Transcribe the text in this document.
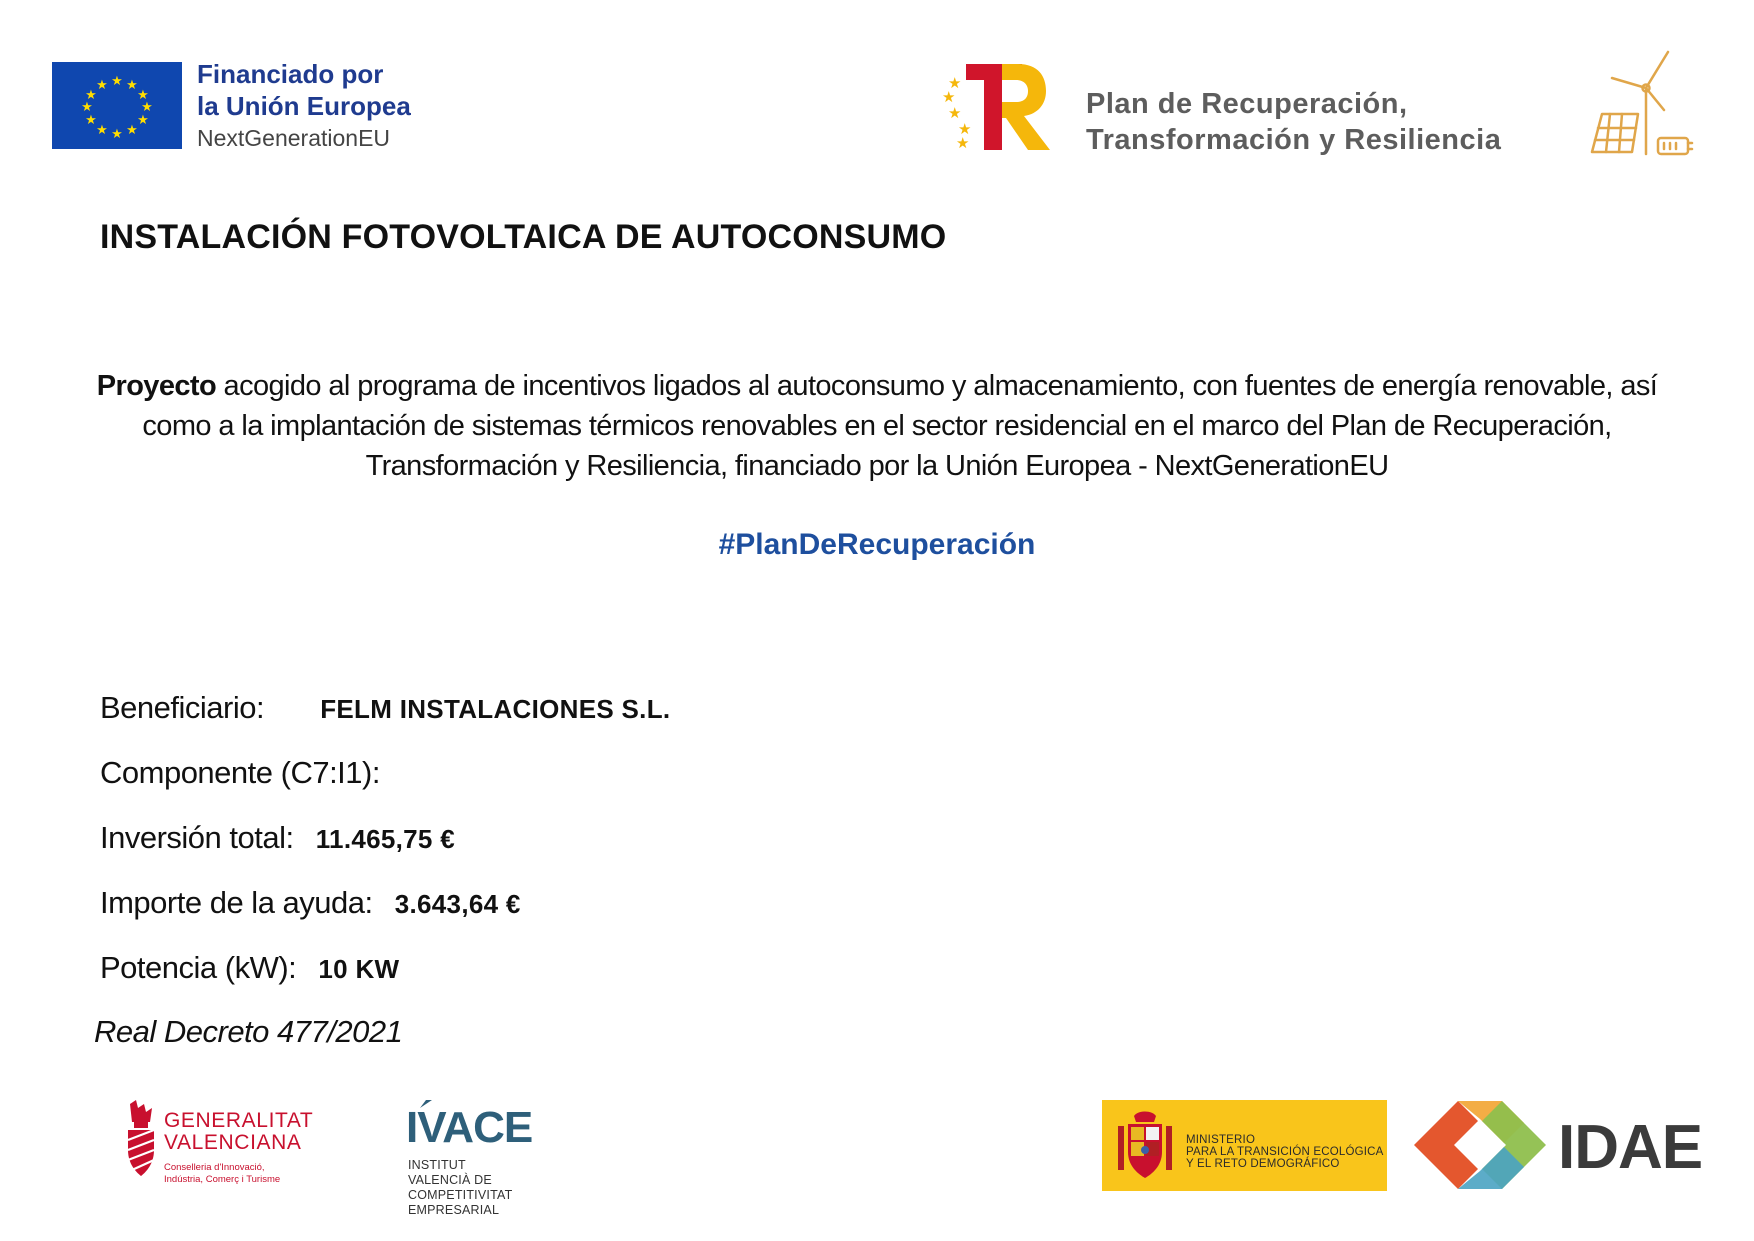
★ ★
★
★
★
★
★
★
★
★
★
★	Financiado por
la Unión Europea
NextGenerationEU
★
★
★
★
★
Plan de Recuperación,
Transformación y Resiliencia
INSTALACIÓN FOTOVOLTAICA DE AUTOCONSUMO
Proyecto acogido al programa de incentivos ligados al autoconsumo y almacenamiento, con fuentes de energía renovable, así como a la implantación de sistemas térmicos renovables en el sector residencial en el marco del Plan de Recuperación, Transformación y Resiliencia, financiado por la Unión Europea - NextGenerationEU
#PlanDeRecuperación
Beneficiario: FELM INSTALACIONES S.L.
Componente (C7:I1):
Inversión total: 11.465,75 €
Importe de la ayuda: 3.643,64 €
Potencia (kW): 10 KW
Real Decreto 477/2021
GENERALITAT
VALENCIANA
Conselleria d'Innovació,
Indústria, Comerç i Turisme
IVACE
INSTITUT VALENCIÀ DE
COMPETITIVITAT EMPRESARIAL
MINISTERIO
PARA LA TRANSICIÓN ECOLÓGICA
Y EL RETO DEMOGRÁFICO	IDAE
